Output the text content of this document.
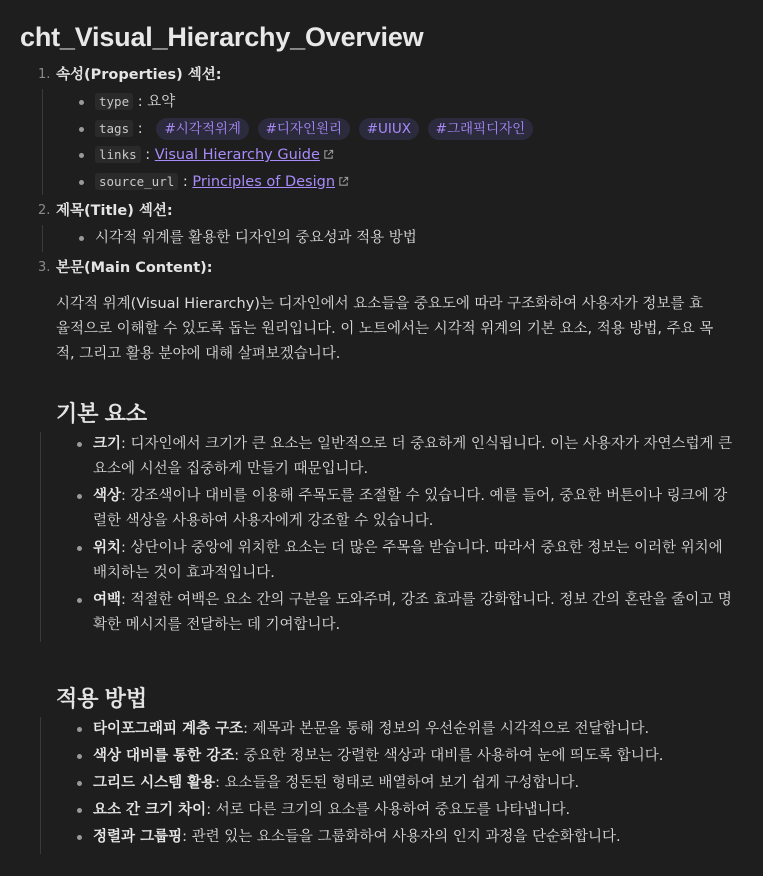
cht_Visual_Hierarchy_Overview
1. 속성(Properties) 섹션:
type : 요약
tags :   #시각적위계 #디자인원리 #UIUX #그래픽디자인
links : Visual Hierarchy Guide
source_url : Principles of Design
2. 제목(Title) 섹션:
시각적 위계를 활용한 디자인의 중요성과 적용 방법
3. 본문(Main Content):
시각적 위계(Visual Hierarchy)는 디자인에서 요소들을 중요도에 따라 구조화하여 사용자가 정보를 효율적으로 이해할 수 있도록 돕는 원리입니다. 이 노트에서는 시각적 위계의 기본 요소, 적용 방법, 주요 목적, 그리고 활용 분야에 대해 살펴보겠습니다.
기본 요소
크기: 디자인에서 크기가 큰 요소는 일반적으로 더 중요하게 인식됩니다. 이는 사용자가 자연스럽게 큰 요소에 시선을 집중하게 만들기 때문입니다.
색상: 강조색이나 대비를 이용해 주목도를 조절할 수 있습니다. 예를 들어, 중요한 버튼이나 링크에 강렬한 색상을 사용하여 사용자에게 강조할 수 있습니다.
위치: 상단이나 중앙에 위치한 요소는 더 많은 주목을 받습니다. 따라서 중요한 정보는 이러한 위치에 배치하는 것이 효과적입니다.
여백: 적절한 여백은 요소 간의 구분을 도와주며, 강조 효과를 강화합니다. 정보 간의 혼란을 줄이고 명확한 메시지를 전달하는 데 기여합니다.
적용 방법
타이포그래피 계층 구조: 제목과 본문을 통해 정보의 우선순위를 시각적으로 전달합니다.
색상 대비를 통한 강조: 중요한 정보는 강렬한 색상과 대비를 사용하여 눈에 띄도록 합니다.
그리드 시스템 활용: 요소들을 정돈된 형태로 배열하여 보기 쉽게 구성합니다.
요소 간 크기 차이: 서로 다른 크기의 요소를 사용하여 중요도를 나타냅니다.
정렬과 그룹핑: 관련 있는 요소들을 그룹화하여 사용자의 인지 과정을 단순화합니다.
